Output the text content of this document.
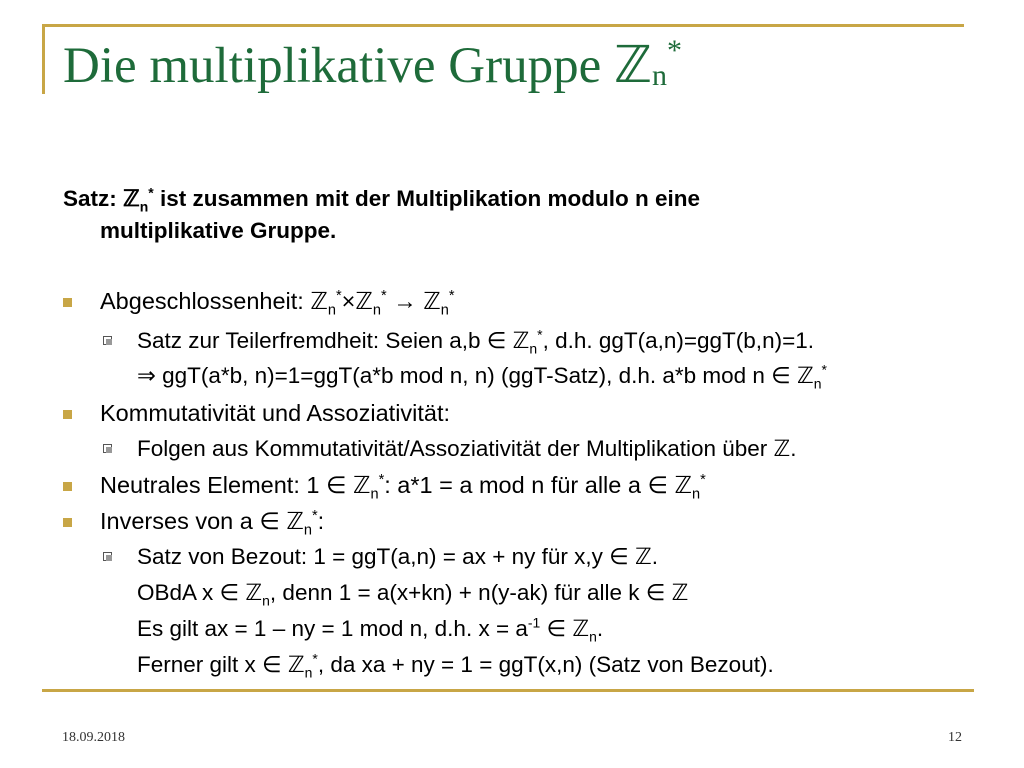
Die multiplikative Gruppe ℤn*
Satz: ℤ$_n$* ist zusammen mit der Multiplikation modulo n eine
multiplikative Gruppe.
Abgeschlossenheit: ℤ$_n$*×ℤ$_n$* → ℤ$_n$*
Satz zur Teilerfremdheit: Seien a,b ∈ ℤ$_n$*, d.h. ggT(a,n)=ggT(b,n)=1.
⇒ ggT(a*b, n)=1=ggT(a*b mod n, n) (ggT-Satz), d.h. a*b mod n ∈ ℤ$_n$*
Kommutativität und Assoziativität:
Folgen aus Kommutativität/Assoziativität der Multiplikation über ℤ.
Neutrales Element: 1 ∈ ℤ$_n$*: a*1 = a mod n für alle a ∈ ℤ$_n$*
Inverses von a ∈ ℤ$_n$*:
Satz von Bezout: 1 = ggT(a,n) = ax + ny für x,y ∈ ℤ.
OBdA x ∈ ℤ$_n$, denn 1 = a(x+kn) + n(y-ak) für alle k ∈ ℤ
Es gilt ax = 1 – ny = 1 mod n, d.h. $x = a^{-1}$ ∈ ℤ$_n$.
Ferner gilt x ∈ ℤ$_n$*, da xa + ny = 1 = ggT(x,n) (Satz von Bezout).
18.09.2018	12
